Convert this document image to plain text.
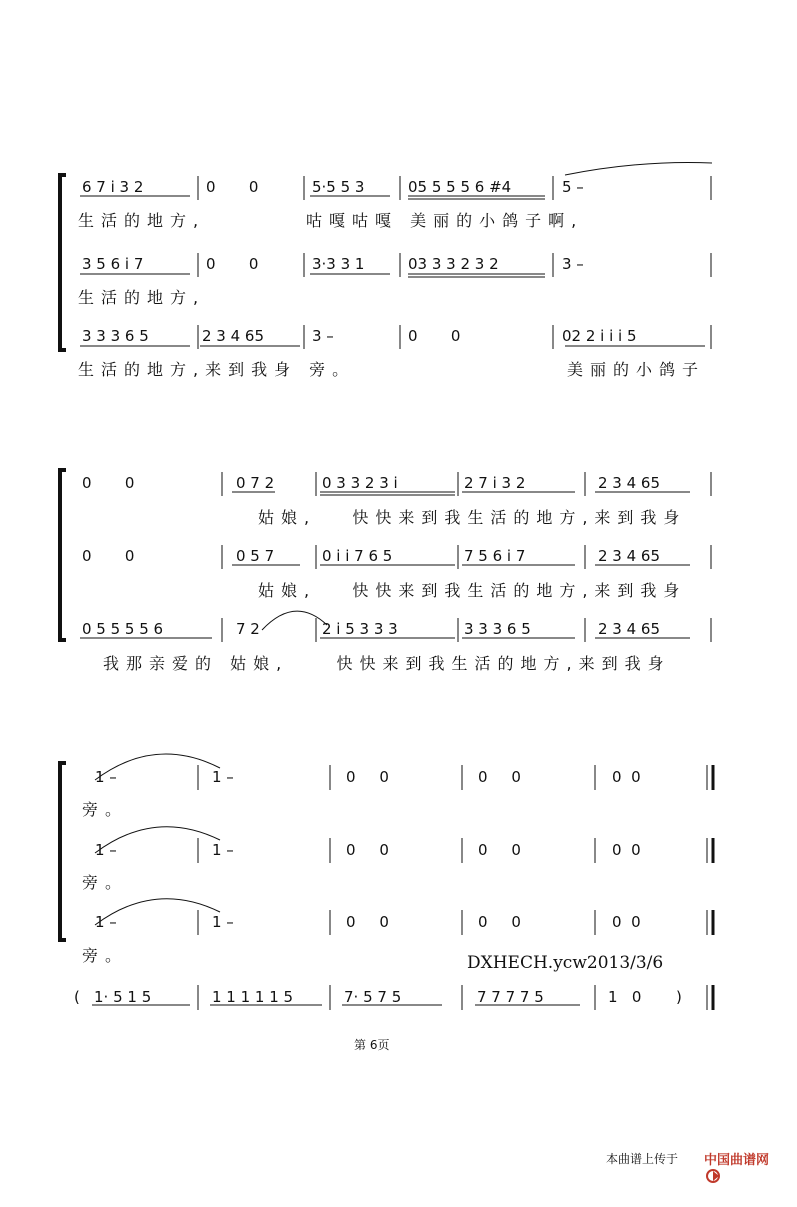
6 7 i 3 2	0       0	5·5 5 3	05 5 5 5 6 #4	5 –
生活的地方,	咕嘎咕嘎 美丽的小鸽子啊,
3 5 6 i 7	0       0	3·3 3 1	03 3 3 2 3 2	3 –
生活的地方,
3 3 3 6 5	2 3 4 65	3 –	0       0	02 2 i i i 5
生活的地方,来到我身 旁。	美丽的小鸽子
0       0	0 7 2	0 3 3 2 3 i	2 7 i 3 2	2 3 4 65
姑娘,   快快来到我生活的地方,来到我身
0       0	0 5 7	0 i i 7 6 5	7 5 6 i 7	2 3 4 65
姑娘,   快快来到我生活的地方,来到我身
0 5 5 5 5 6	7 2	2 i 5 3 3 3	3 3 3 6 5	2 3 4 65
我那亲爱的 姑娘,    快快来到我生活的地方,来到我身
1 –	1 –	0     0	0     0	0  0
旁。
1 –	1 –	0     0	0     0	0  0
旁。
1 –	1 –	0     0	0     0	0  0
旁。	DXHECH.ycw2013/3/6
( 1· 5 1 5	1 1 1 1 1 5	7· 5 7 5	7 7 7 7 5	1   0 )
第 6页
本曲谱上传于

中国曲谱网
